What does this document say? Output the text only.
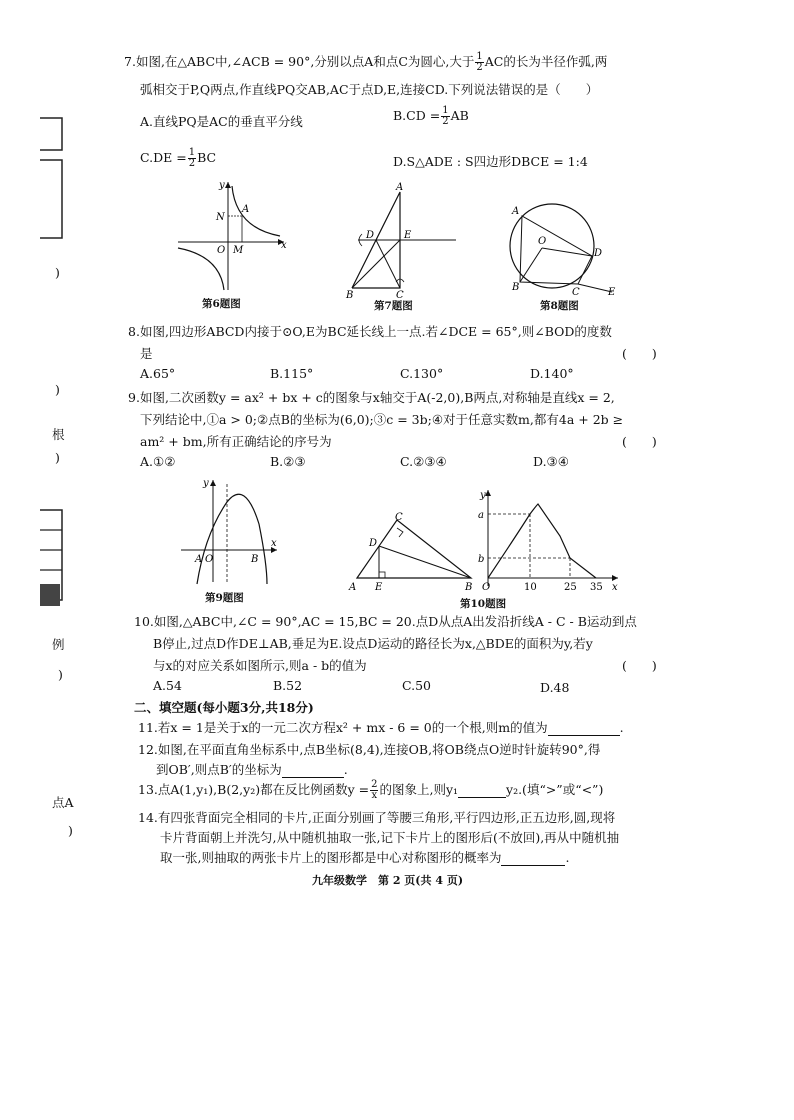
)
)
根
)
例
)
点A
)
7.如图,在△ABC中,∠ACB = 90°,分别以点A和点C为圆心,大于 $\frac{1}{2}$ AC的长为半径作弧,两
弧相交于P,Q两点,作直线PQ交AB,AC于点D,E,连接CD.下列说法错误的是（　　）
A.直线PQ是AC的垂直平分线	$B.CD = \frac{1}{2}$ AB
$C.DE = \frac{1}{2}$ BC	D.S△ADE : S四边形DBCE = 1:4
y
N
A
O M	x
第6题图
A
D	E
B	C
第7题图
A
O
D
B	C	E
第8题图
8.如图,四边形ABCD内接于⊙O,E为BC延长线上一点.若∠DCE = 65°,则∠BOD的度数
是	(　　)
A.65°	B.115°	C.130°	D.140°
9.如图,二次函数y = ax² + bx + c的图象与x轴交于A(-2,0),B两点,对称轴是直线x = 2,
下列结论中,①a > 0;②点B的坐标为(6,0);③c = 3b;④对于任意实数m,都有4a + 2b ≥
am² + bm,所有正确结论的序号为	(　　)
A.①②	B.②③	C.②③④	D.③④
y
A O	B
x
第9题图
C
D
A E	B
y
a
b
O	10	25 35 x
第10题图
10.如图,△ABC中,∠C = 90°,AC = 15,BC = 20.点D从点A出发沿折线A - C - B运动到点
B停止,过点D作DE⊥AB,垂足为E.设点D运动的路径长为x,△BDE的面积为y,若y
与x的对应关系如图所示,则a - b的值为	(　　)
A.54	B.52	C.50	D.48
二、填空题(每小题3分,共18分)
11.若x = 1是关于x的一元二次方程x² + mx - 6 = 0的一个根,则m的值为	.
12.如图,在平面直角坐标系中,点B坐标(8,4),连接OB,将OB绕点O逆时针旋转90°,得
到OB′,则点B′的坐标为	.
13.点A(1,y₁),B(2,y₂)都在反比例函数$y = \frac{2}{x}$ 的图象上,则y₁	y₂.(填“>”或“<”)
14.有四张背面完全相同的卡片,正面分别画了等腰三角形,平行四边形,正五边形,圆,现将
卡片背面朝上并洗匀,从中随机抽取一张,记下卡片上的图形后(不放回),再从中随机抽
取一张,则抽取的两张卡片上的图形都是中心对称图形的概率为	.
九年级数学　第 2 页(共 4 页)
